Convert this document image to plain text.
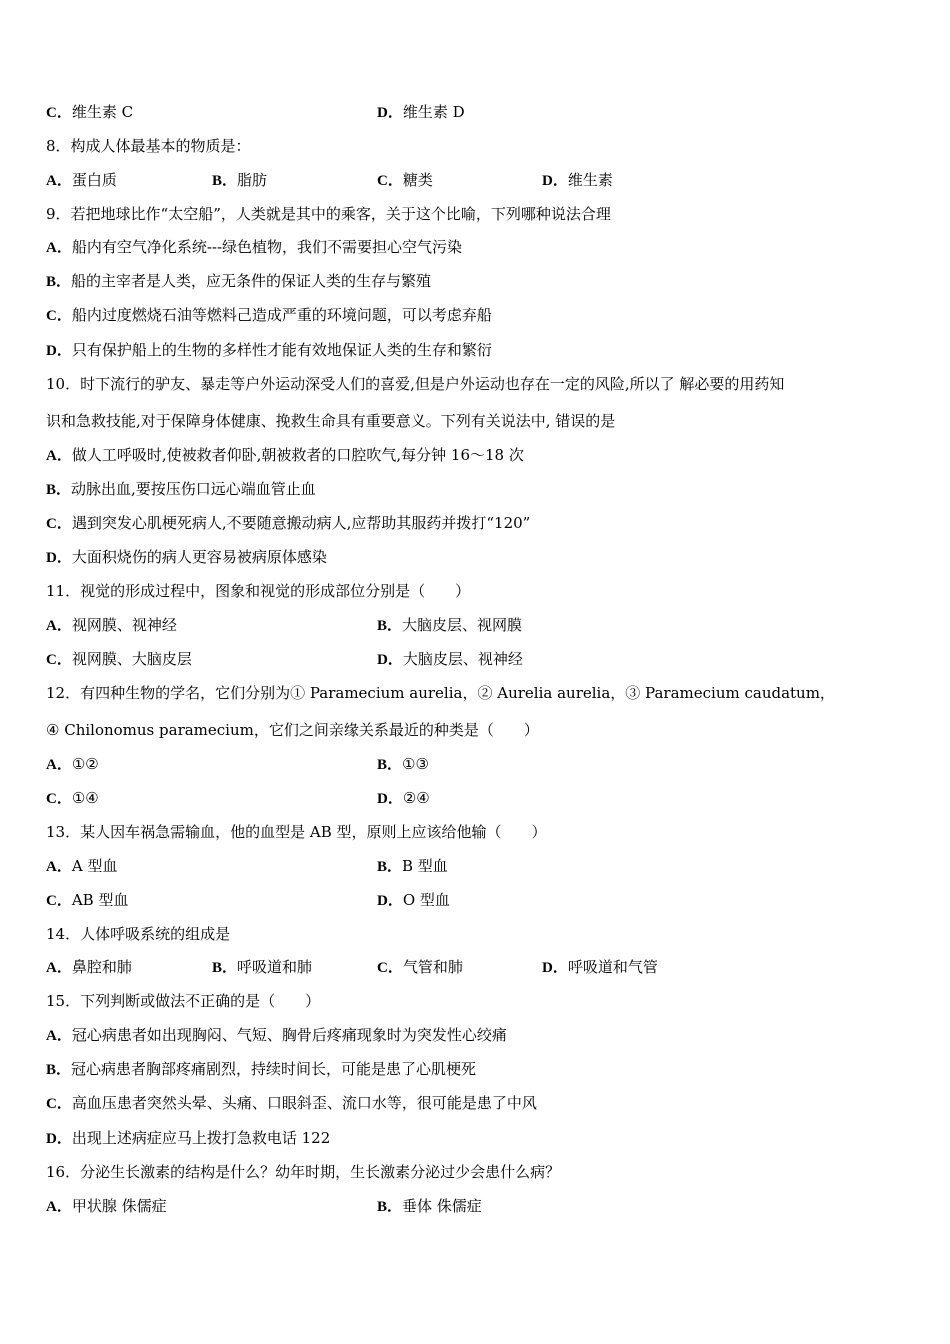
C．维生素 C	D．维生素 D
8．构成人体最基本的物质是：
A．蛋白质	B．脂肪	C．糖类	D．维生素
9．若把地球比作“太空船”，人类就是其中的乘客，关于这个比喻，下列哪种说法合理
A．船内有空气净化系统---绿色植物，我们不需要担心空气污染
B．船的主宰者是人类，应无条件的保证人类的生存与繁殖
C．船内过度燃烧石油等燃料己造成严重的环境问题，可以考虑弃船
D．只有保护船上的生物的多样性才能有效地保证人类的生存和繁衍
10．时下流行的驴友、暴走等户外运动深受人们的喜爱,但是户外运动也存在一定的风险,所以了 解必要的用药知
识和急救技能,对于保障身体健康、挽救生命具有重要意义。下列有关说法中, 错误的是
A．做人工呼吸时,使被救者仰卧,朝被救者的口腔吹气,每分钟 16～18 次
B．动脉出血,要按压伤口远心端血管止血
C．遇到突发心肌梗死病人,不要随意搬动病人,应帮助其服药并拨打“120”
D．大面积烧伤的病人更容易被病原体感染
11．视觉的形成过程中，图象和视觉的形成部位分别是（　　）
A．视网膜、视神经	B．大脑皮层、视网膜
C．视网膜、大脑皮层	D．大脑皮层、视神经
12．有四种生物的学名，它们分别为① Paramecium aurelia，② Aurelia aurelia，③ Paramecium caudatum，
④ Chilonomus paramecium，它们之间亲缘关系最近的种类是（　　）
A．①②	B．①③
C．①④	D．②④
13．某人因车祸急需输血，他的血型是 AB 型，原则上应该给他输（　　）
A．A 型血	B．B 型血
C．AB 型血	D．O 型血
14．人体呼吸系统的组成是
A．鼻腔和肺	B．呼吸道和肺	C．气管和肺	D．呼吸道和气管
15．下列判断或做法不正确的是（　　）
A．冠心病患者如出现胸闷、气短、胸骨后疼痛现象时为突发性心绞痛
B．冠心病患者胸部疼痛剧烈，持续时间长，可能是患了心肌梗死
C．高血压患者突然头晕、头痛、口眼斜歪、流口水等，很可能是患了中风
D．出现上述病症应马上拨打急救电话 122
16．分泌生长激素的结构是什么？幼年时期，生长激素分泌过少会患什么病？
A．甲状腺 侏儒症	B．垂体 侏儒症
